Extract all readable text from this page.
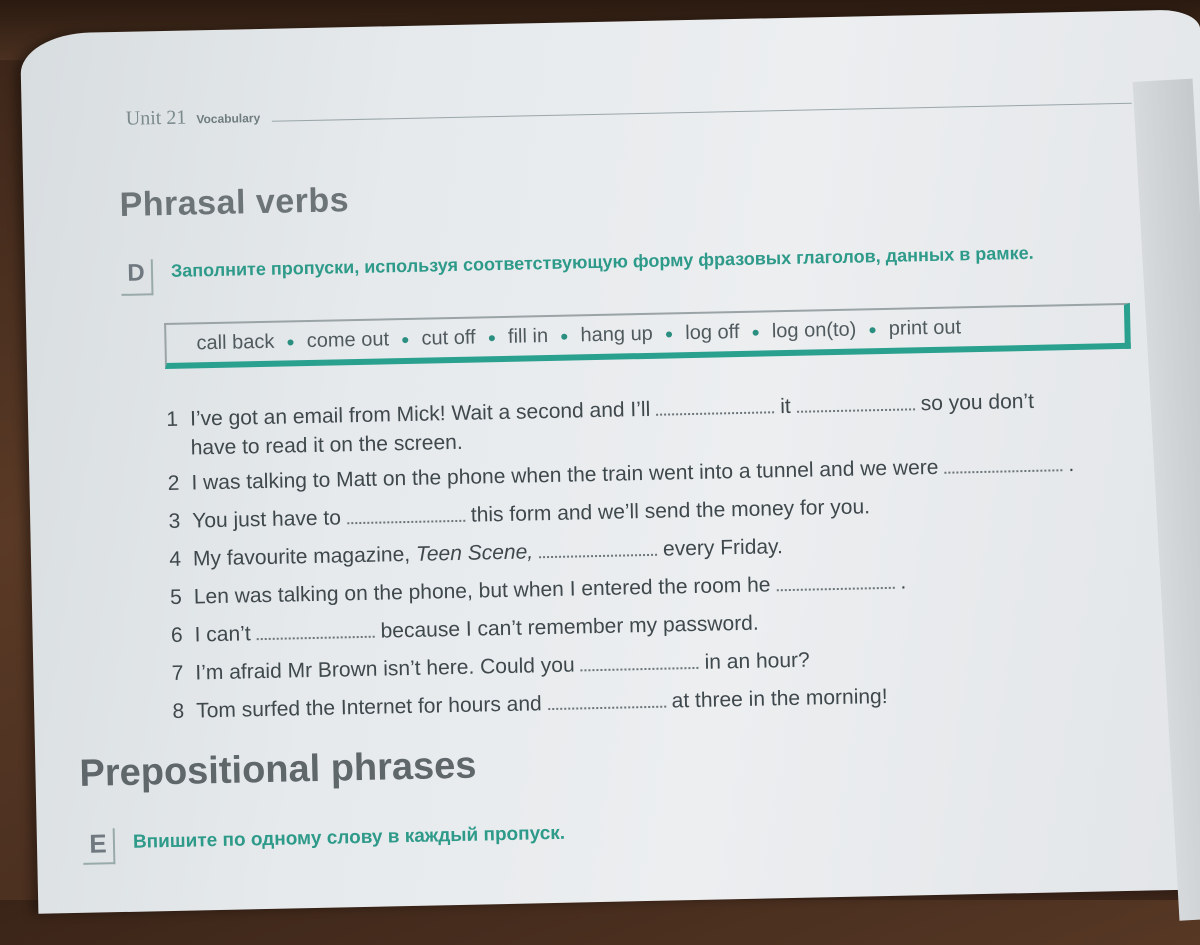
Unit 21 Vocabulary
Phrasal verbs
D	Заполните пропуски, используя соответствующую форму фразовых глаголов, данных в рамке.
call back ● come out ● cut off ● fill in ● hang up ● log off ● log on(to) ● print out
1 I’ve got an email from Mick! Wait a second and I’ll	it	so you don’t
have to read it on the screen.
2 I was talking to Matt on the phone when the train went into a tunnel and we were	.
3 You just have to	this form and we’ll send the money for you.
4 My favourite magazine, Teen Scene,	every Friday.
5 Len was talking on the phone, but when I entered the room he	.
6 I can’t	because I can’t remember my password.
7 I’m afraid Mr Brown isn’t here. Could you	in an hour?
8 Tom surfed the Internet for hours and	at three in the morning!
Prepositional phrases
E	Впишите по одному слову в каждый пропуск.
